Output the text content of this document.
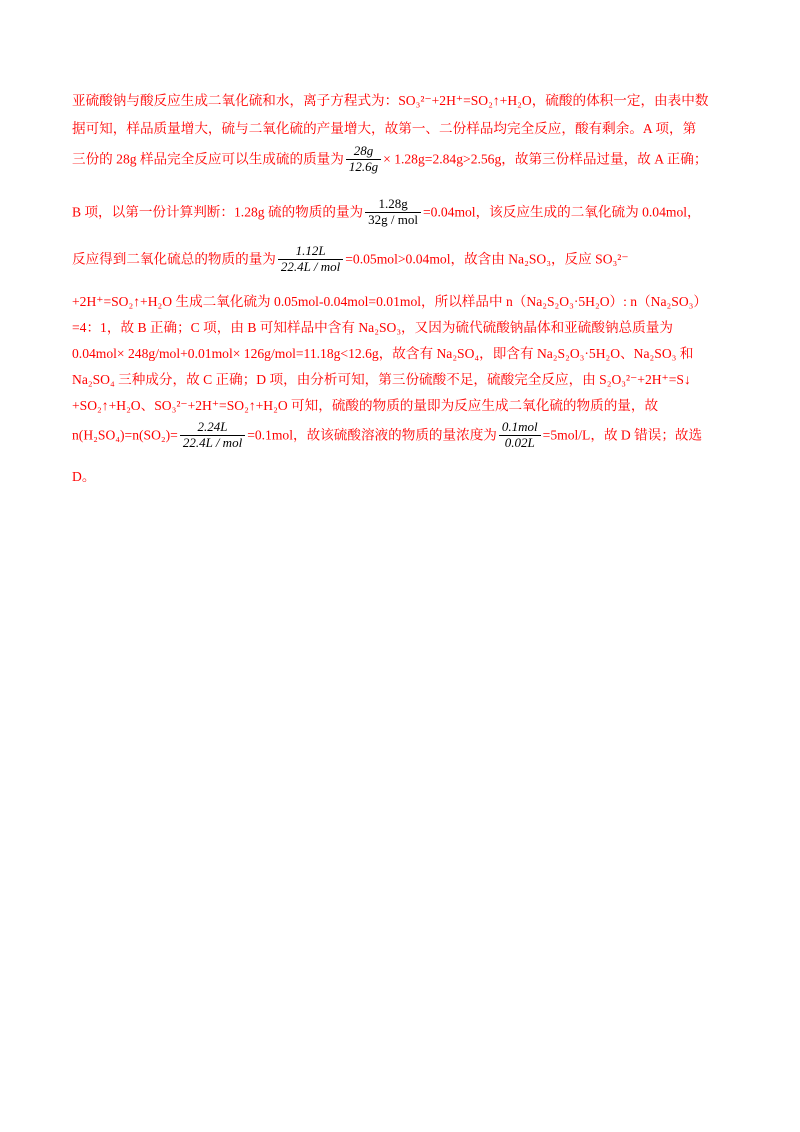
亚硫酸钠与酸反应生成二氧化硫和水，离子方程式为：SO₃²⁻+2H⁺=SO₂↑+H₂O，硫酸的体积一定，由表中数
据可知，样品质量增大，硫与二氧化硫的产量增大，故第一、二份样品均完全反应，酸有剩余。A 项，第
三份的 28g 样品完全反应可以生成硫的质量为 $\frac{28g}{12.6g} \times 1.28g=2.84g>2.56g$，故第三份样品过量，故 A 正确；
B 项，以第一份计算判断：1.28g 硫的物质的量为 $\frac{1.28g}{\text{32g / mol}} =0.04mol$，该反应生成的二氧化硫为 0.04mol，
反应得到二氧化硫总的物质的量为 $\frac{1.12L}{\text{22.4L / mol}} =0.05mol>0.04mol$，故含由 Na₂SO₃，反应 SO₃²⁻
+2H⁺=SO₂↑+H₂O 生成二氧化硫为 0.05mol-0.04mol=0.01mol，所以样品中 n（Na₂S₂O₃·5H₂O）: n（Na₂SO₃）
=4：1，故 B 正确；C 项，由 B 可知样品中含有 Na₂SO₃，又因为硫代硫酸钠晶体和亚硫酸钠总质量为
0.04mol× 248g/mol+0.01mol× 126g/mol=11.18g<12.6g，故含有 Na₂SO₄，即含有 Na₂S₂O₃·5H₂O、Na₂SO₃ 和
Na₂SO₄ 三种成分，故 C 正确；D 项，由分析可知，第三份硫酸不足，硫酸完全反应，由 S₂O₃²⁻+2H⁺=S↓
+SO₂↑+H₂O、SO₃²⁻+2H⁺=SO₂↑+H₂O 可知，硫酸的物质的量即为反应生成二氧化硫的物质的量，故
$n(H_2SO_4)=n(SO_2)= \frac{2.24L}{\text{22.4L / mol}} =0.1mol$，故该硫酸溶液的物质的量浓度为 $\frac{\text{0.1mol}}{0.02L} =5mol/L$，故 D 错误；故选
D。
